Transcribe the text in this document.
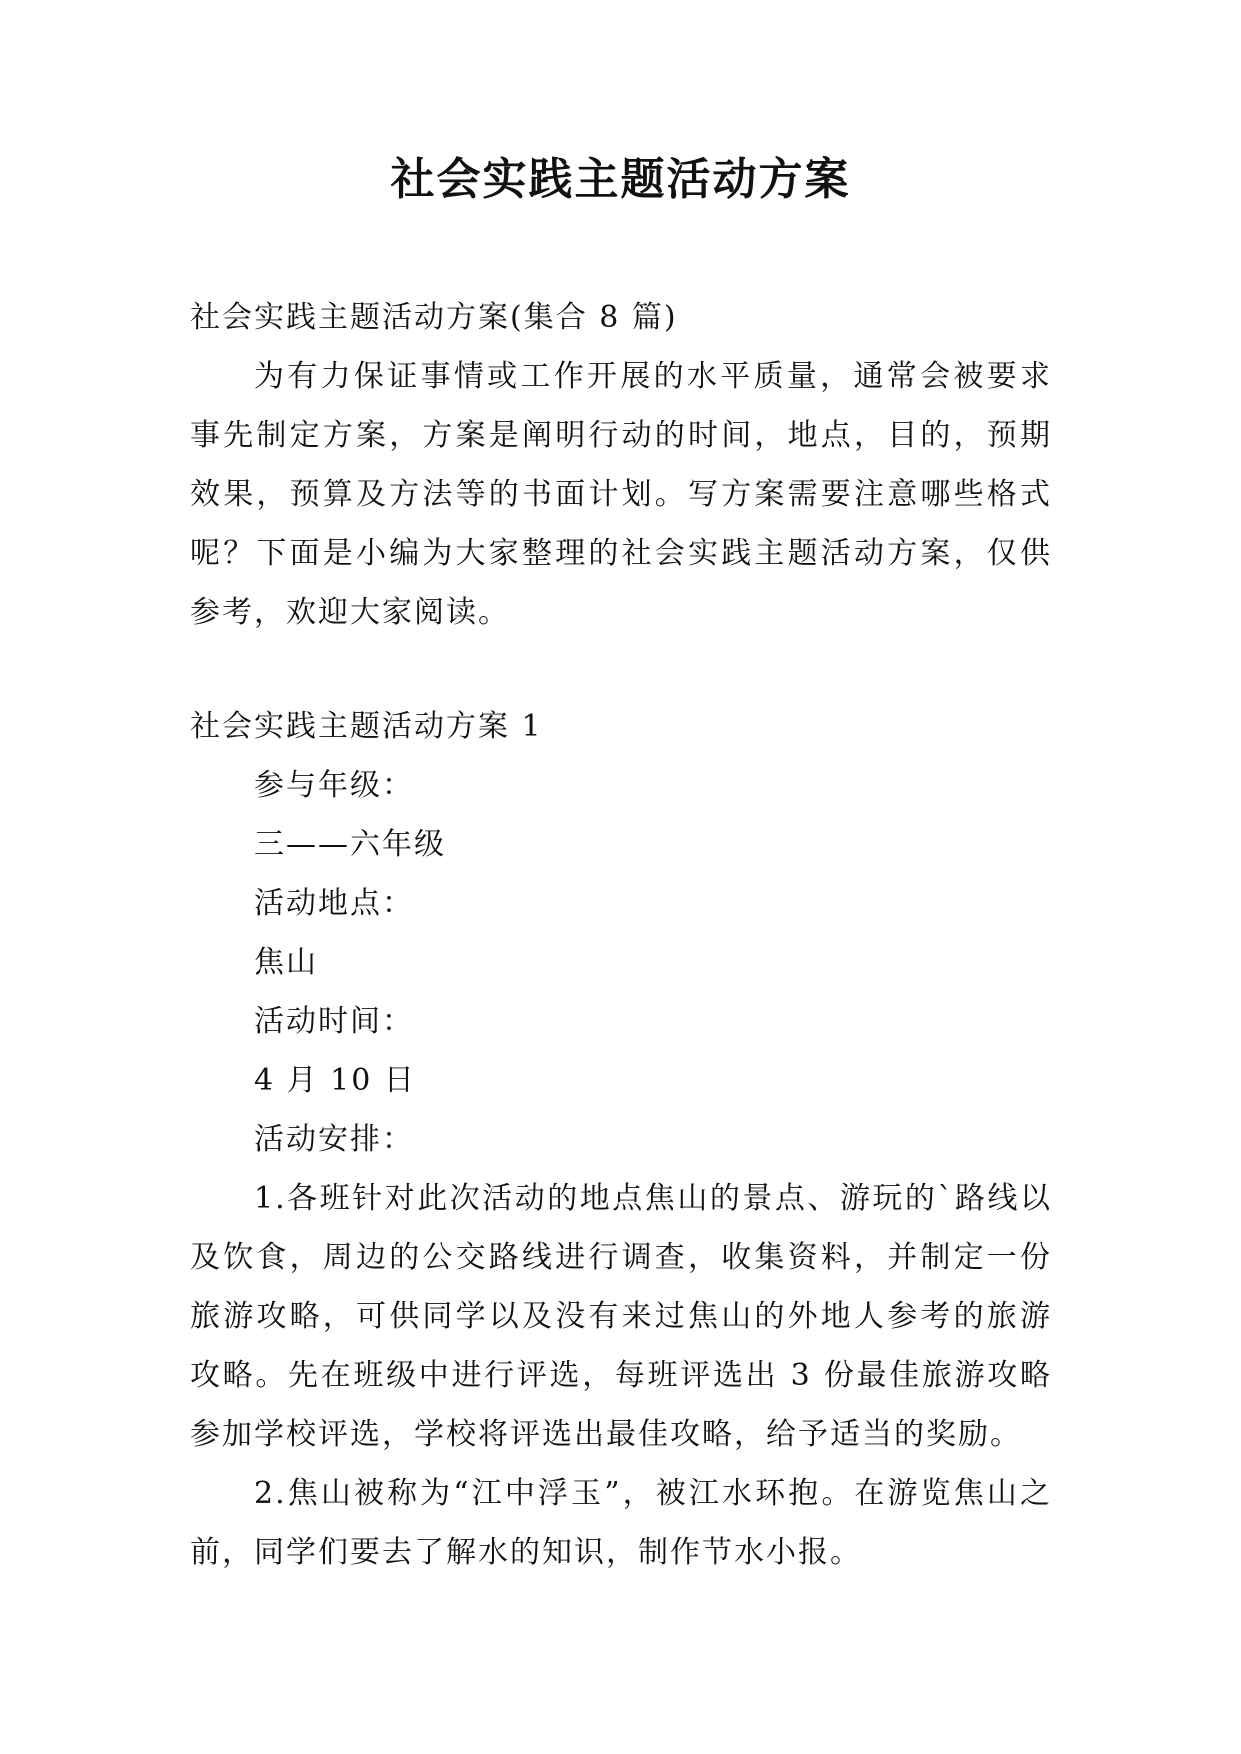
社会实践主题活动方案

社会实践主题活动方案(集合 8 篇)

为有力保证事情或工作开展的水平质量，通常会被要求事先制定方案，方案是阐明行动的时间，地点，目的，预期效果，预算及方法等的书面计划。写方案需要注意哪些格式呢？下面是小编为大家整理的社会实践主题活动方案，仅供参考，欢迎大家阅读。

社会实践主题活动方案 1

参与年级：

三——六年级

活动地点：

焦山

活动时间：

4 月 10 日

活动安排：

1.各班针对此次活动的地点焦山的景点、游玩的`路线以及饮食，周边的公交路线进行调查，收集资料，并制定一份旅游攻略，可供同学以及没有来过焦山的外地人参考的旅游攻略。先在班级中进行评选，每班评选出 3 份最佳旅游攻略参加学校评选，学校将评选出最佳攻略，给予适当的奖励。

2.焦山被称为“江中浮玉”，被江水环抱。在游览焦山之前，同学们要去了解水的知识，制作节水小报。
